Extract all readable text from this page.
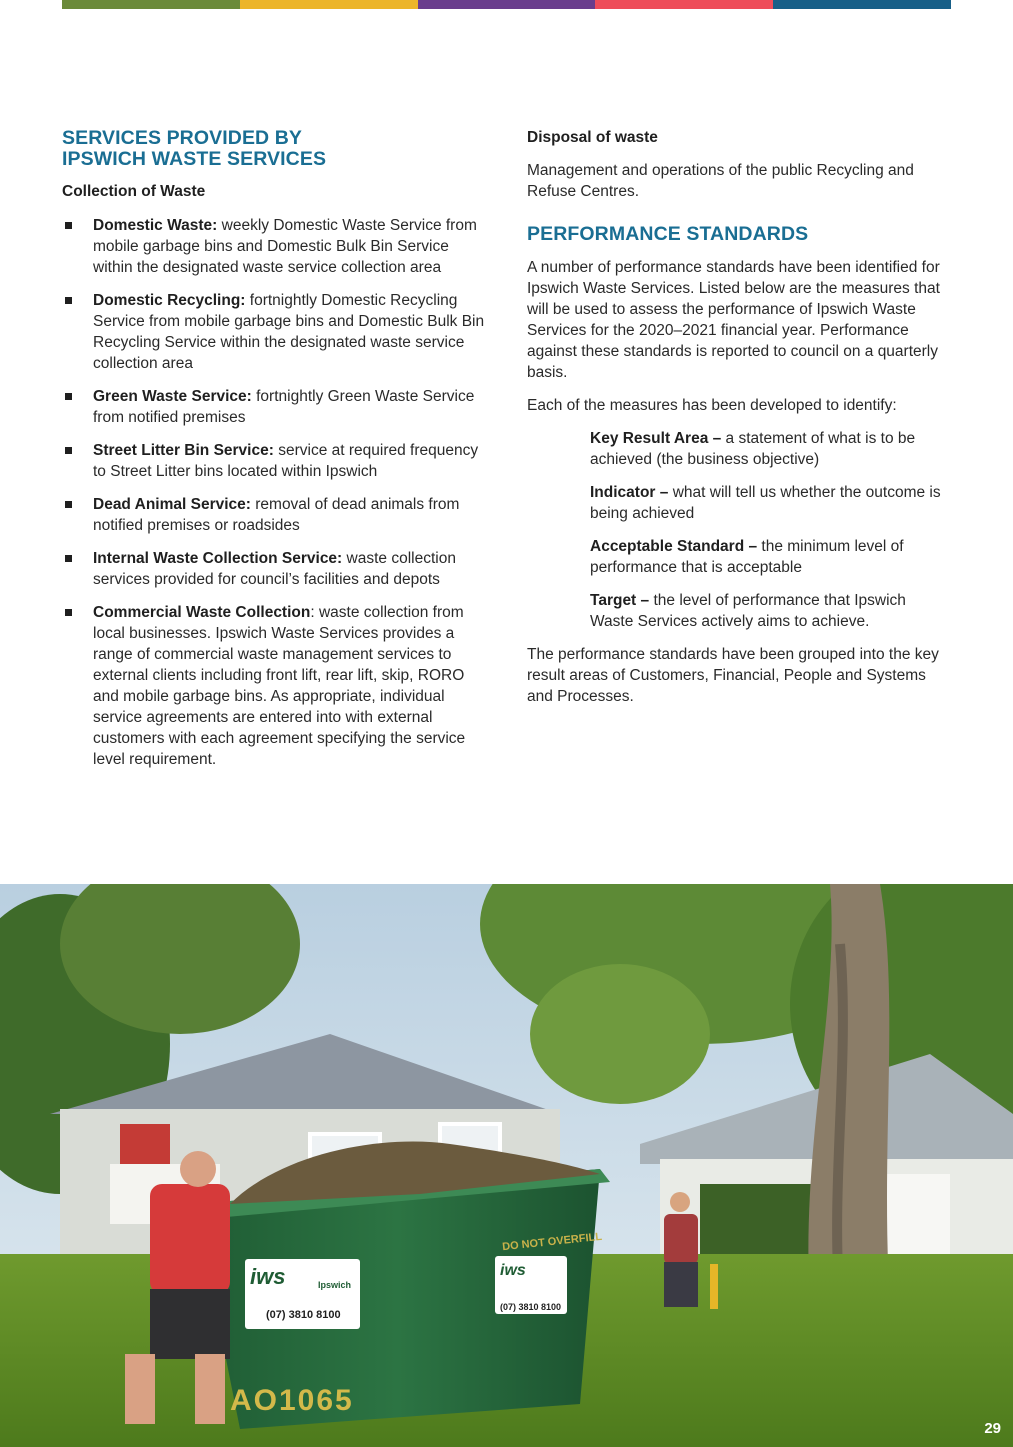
SERVICES PROVIDED BY
IPSWICH WASTE SERVICES
Collection of Waste
Domestic Waste: weekly Domestic Waste Service from mobile garbage bins and Domestic Bulk Bin Service within the designated waste service collection area
Domestic Recycling: fortnightly Domestic Recycling Service from mobile garbage bins and Domestic Bulk Bin Recycling Service within the designated waste service collection area
Green Waste Service: fortnightly Green Waste Service from notified premises
Street Litter Bin Service: service at required frequency to Street Litter bins located within Ipswich
Dead Animal Service: removal of dead animals from notified premises or roadsides
Internal Waste Collection Service: waste collection services provided for council’s facilities and depots
Commercial Waste Collection: waste collection from local businesses. Ipswich Waste Services provides a range of commercial waste management services to external clients including front lift, rear lift, skip, RORO and mobile garbage bins. As appropriate, individual service agreements are entered into with external customers with each agreement specifying the service level requirement.
Disposal of waste

Management and operations of the public Recycling and Refuse Centres.

PERFORMANCE STANDARDS

A number of performance standards have been identified for Ipswich Waste Services. Listed below are the measures that will be used to assess the performance of Ipswich Waste Services for the 2020–2021 financial year. Performance against these standards is reported to council on a quarterly basis.

Each of the measures has been developed to identify:

Key Result Area – a statement of what is to be achieved (the business objective)

Indicator – what will tell us whether the outcome is being achieved

Acceptable Standard – the minimum level of performance that is acceptable

Target – the level of performance that Ipswich Waste Services actively aims to achieve.

The performance standards have been grouped into the key result areas of Customers, Financial, People and Systems and Processes.

iws	Ipswich
(07) 3810 8100
iws
(07) 3810 8100
DO NOT OVERFILL
AO1065
29
